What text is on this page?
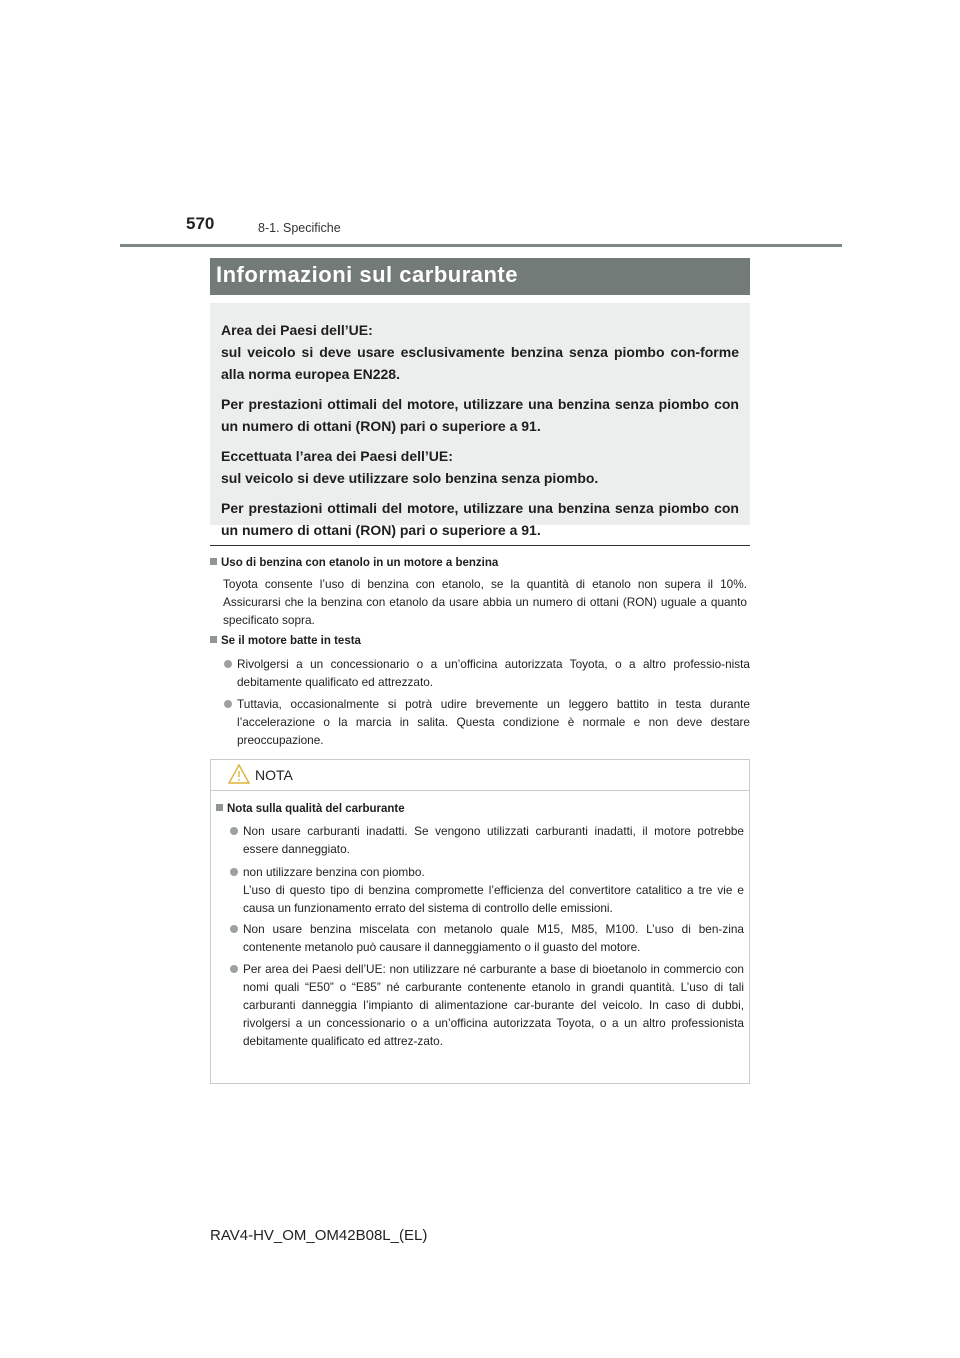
570	8-1. Specifiche
Informazioni sul carburante

Area dei Paesi dell’UE:
sul veicolo si deve usare esclusivamente benzina senza piombo con-forme alla norma europea EN228.

Per prestazioni ottimali del motore, utilizzare una benzina senza piombo con un numero di ottani (RON) pari o superiore a 91.

Eccettuata l’area dei Paesi dell’UE:
sul veicolo si deve utilizzare solo benzina senza piombo.

Per prestazioni ottimali del motore, utilizzare una benzina senza piombo con un numero di ottani (RON) pari o superiore a 91.

Uso di benzina con etanolo in un motore a benzina
Toyota consente l’uso di benzina con etanolo, se la quantità di etanolo non supera il 10%. Assicurarsi che la benzina con etanolo da usare abbia un numero di ottani (RON) uguale a quanto specificato sopra.
Se il motore batte in testa
Rivolgersi a un concessionario o a un’officina autorizzata Toyota, o a altro professio-nista debitamente qualificato ed attrezzato.
Tuttavia, occasionalmente si potrà udire brevemente un leggero battito in testa durante l’accelerazione o la marcia in salita. Questa condizione è normale e non deve destare preoccupazione.
NOTA
Nota sulla qualità del carburante
Non usare carburanti inadatti. Se vengono utilizzati carburanti inadatti, il motore potrebbe essere danneggiato.
non utilizzare benzina con piombo.
L’uso di questo tipo di benzina compromette l’efficienza del convertitore catalitico a tre vie e causa un funzionamento errato del sistema di controllo delle emissioni.
Non usare benzina miscelata con metanolo quale M15, M85, M100. L’uso di ben-zina contenente metanolo può causare il danneggiamento o il guasto del motore.
Per area dei Paesi dell’UE: non utilizzare né carburante a base di bioetanolo in commercio con nomi quali “E50” o “E85” né carburante contenente etanolo in grandi quantità. L’uso di tali carburanti danneggia l’impianto di alimentazione car-burante del veicolo. In caso di dubbi, rivolgersi a un concessionario o a un’officina autorizzata Toyota, o a un altro professionista debitamente qualificato ed attrez-zato.
RAV4-HV_OM_OM42B08L_(EL)
